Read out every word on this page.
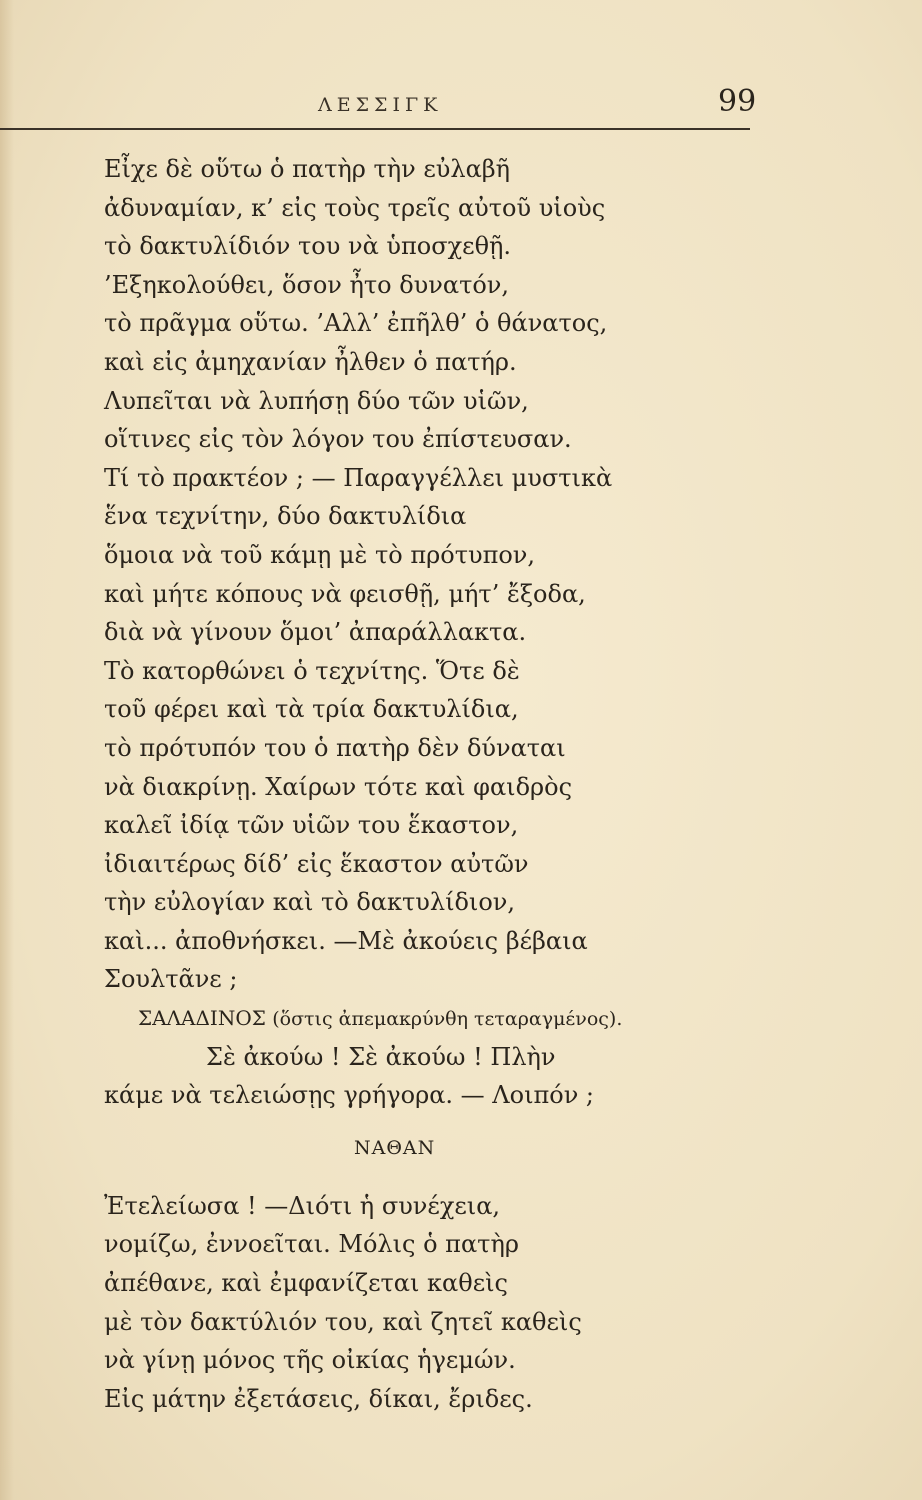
ΛΕΣΣΙΓΚ	99
Εἶχε δὲ οὕτω ὁ πατὴρ τὴν εὐλαβῆ
ἀδυναμίαν, κ’ εἰς τοὺς τρεῖς αὐτοῦ υἱοὺς
τὸ δακτυλίδιόν του νὰ ὑποσχεθῇ.
’Εξηκολούθει, ὅσον ἦτο δυνατόν,
τὸ πρᾶγμα οὕτω. ’Αλλ’ ἐπῆλθ’ ὁ θάνατος,
καὶ εἰς ἀμηχανίαν ἦλθεν ὁ πατήρ.
Λυπεῖται νὰ λυπήσῃ δύο τῶν υἱῶν,
οἵτινες εἰς τὸν λόγον του ἐπίστευσαν.
Τί τὸ πρακτέον ; — Παραγγέλλει μυστικὰ
ἕνα τεχνίτην, δύο δακτυλίδια
ὅμοια νὰ τοῦ κάμῃ μὲ τὸ πρότυπον,
καὶ μήτε κόπους νὰ φεισθῇ, μήτ’ ἔξοδα,
διὰ νὰ γίνουν ὅμοι’ ἀπαράλλακτα.
Τὸ κατορθώνει ὁ τεχνίτης. Ὅτε δὲ
τοῦ φέρει καὶ τὰ τρία δακτυλίδια,
τὸ πρότυπόν του ὁ πατὴρ δὲν δύναται
νὰ διακρίνῃ. Χαίρων τότε καὶ φαιδρὸς
καλεῖ ἰδίᾳ τῶν υἱῶν του ἕκαστον,
ἰδιαιτέρως δίδ’ εἰς ἕκαστον αὐτῶν
τὴν εὐλογίαν καὶ τὸ δακτυλίδιον,
καὶ... ἀποθνήσκει. —Μὲ ἀκούεις βέβαια
Σουλτᾶνε ;
ΣΑΛΑΔΙΝΟΣ (ὅστις ἀπεμακρύνθη τεταραγμένος).
Σὲ ἀκούω ! Σὲ ἀκούω ! Πλὴν
κάμε νὰ τελειώσῃς γρήγορα. — Λοιπόν ;
ΝΑΘΑΝ
Ἐτελείωσα ! —Διότι ἡ συνέχεια,
νομίζω, ἐννοεῖται. Μόλις ὁ πατὴρ
ἀπέθανε, καὶ ἐμφανίζεται καθεὶς
μὲ τὸν δακτύλιόν του, καὶ ζητεῖ καθεὶς
νὰ γίνῃ μόνος τῆς οἰκίας ἡγεμών.
Εἰς μάτην ἐξετάσεις, δίκαι, ἔριδες.
